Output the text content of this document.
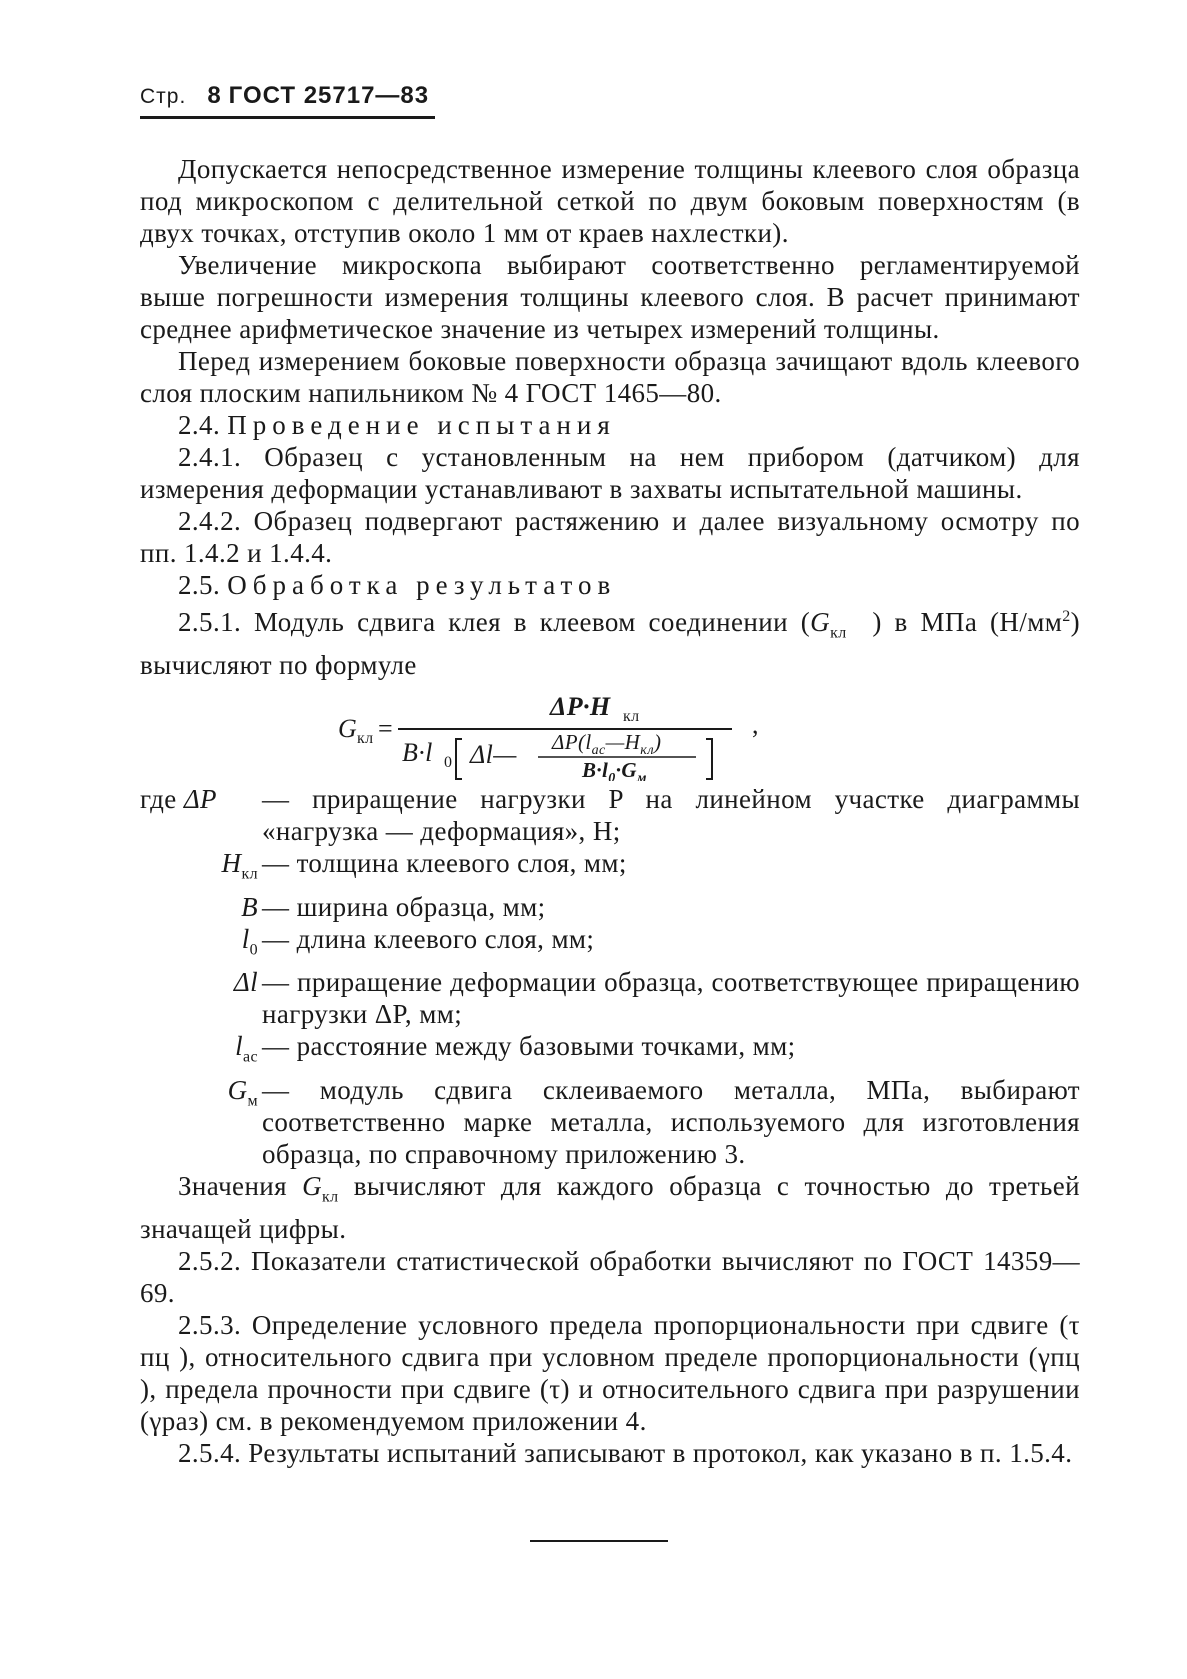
Стр. 8 ГОСТ 25717—83

Допускается непосредственное измерение толщины клеевого слоя образца под микроскопом с делительной сеткой по двум боковым поверхностям (в двух точках, отступив около 1 мм от краев нахлестки).

Увеличение микроскопа выбирают соответственно регламентируемой выше погрешности измерения толщины клеевого слоя. В расчет принимают среднее арифметическое значение из четырех измерений толщины.

Перед измерением боковые поверхности образца зачищают вдоль клеевого слоя плоским напильником № 4 ГОСТ 1465—80.

2.4. Проведение испытания

2.4.1. Образец с установленным на нем прибором (датчиком) для измерения деформации устанавливают в захваты испытательной машины.

2.4.2. Образец подвергают растяжению и далее визуальному осмотру по пп. 1.4.2 и 1.4.4.

2.5. Обработка результатов

2.5.1. Модуль сдвига клея в клеевом соединении ($G_{кл}$ ) в МПа $(Н/мм^2)$ вычисляют по формуле

G кл =
ΔP·H кл
B·l 0 Δl— $\Delta P(l_{ac}—H_{кл})$
$B\cdot l_0\cdot G_м$
,
где ΔP	— приращение нагрузки P на линейном участке диаграммы «нагрузка — деформация», Н;

$H_{кл}$ — толщина клеевого слоя, мм;

B — ширина образца, мм;

$l_0$ — длина клеевого слоя, мм;

Δl — приращение деформации образца, соответствующее приращению нагрузки ΔP, мм;

$l_{ac}$ — расстояние между базовыми точками, мм;

$G_м$ — модуль сдвига склеиваемого металла, МПа, выбирают соответственно марке металла, используемого для изготовления образца, по справочному приложению 3.

Значения $G_{кл}$ вычисляют для каждого образца с точностью до третьей значащей цифры.

2.5.2. Показатели статистической обработки вычисляют по ГОСТ 14359—69.

2.5.3. Определение условного предела пропорциональности при сдвиге (τ пц ), относительного сдвига при условном пределе пропорциональности (γпц ), предела прочности при сдвиге (τ) и относительного сдвига при разрушении (γраз) см. в рекомендуемом приложении 4.

2.5.4. Результаты испытаний записывают в протокол, как указано в п. 1.5.4.
